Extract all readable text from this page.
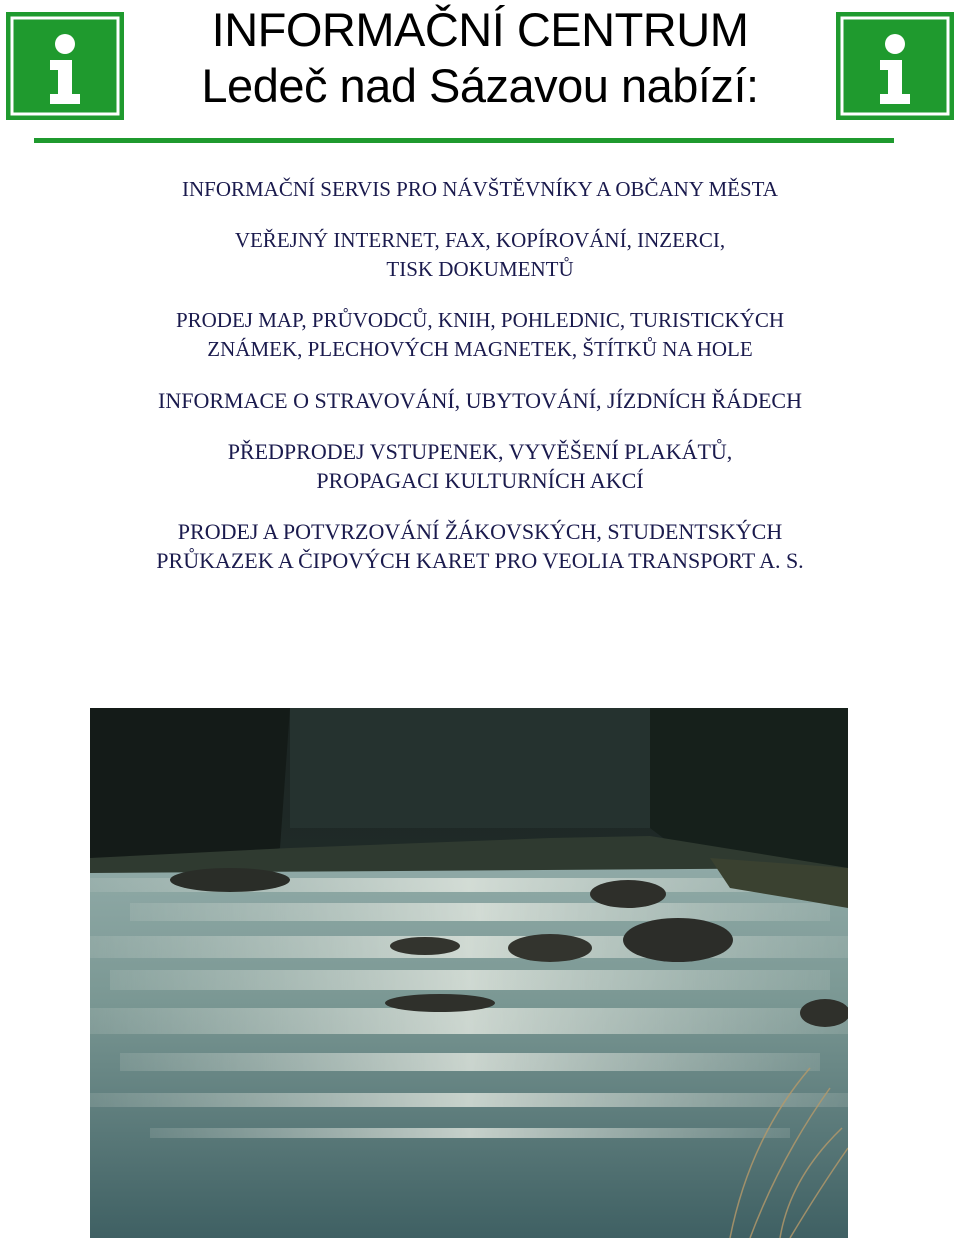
INFORMAČNÍ CENTRUM
Ledeč nad Sázavou nabízí:

INFORMAČNÍ SERVIS PRO NÁVŠTĚVNÍKY A OBČANY MĚSTA

VEŘEJNÝ INTERNET, FAX, KOPÍROVÁNÍ, INZERCI,
TISK DOKUMENTŮ

PRODEJ MAP, PRŮVODCŮ, KNIH, POHLEDNIC, TURISTICKÝCH
ZNÁMEK, PLECHOVÝCH MAGNETEK, ŠTÍTKŮ NA HOLE

INFORMACE O STRAVOVÁNÍ, UBYTOVÁNÍ, JÍZDNÍCH ŘÁDECH

PŘEDPRODEJ VSTUPENEK, VYVĚŠENÍ PLAKÁTŮ,
PROPAGACI KULTURNÍCH AKCÍ

PRODEJ A POTVRZOVÁNÍ ŽÁKOVSKÝCH, STUDENTSKÝCH
PRŮKAZEK A ČIPOVÝCH KARET PRO VEOLIA TRANSPORT A. S.
